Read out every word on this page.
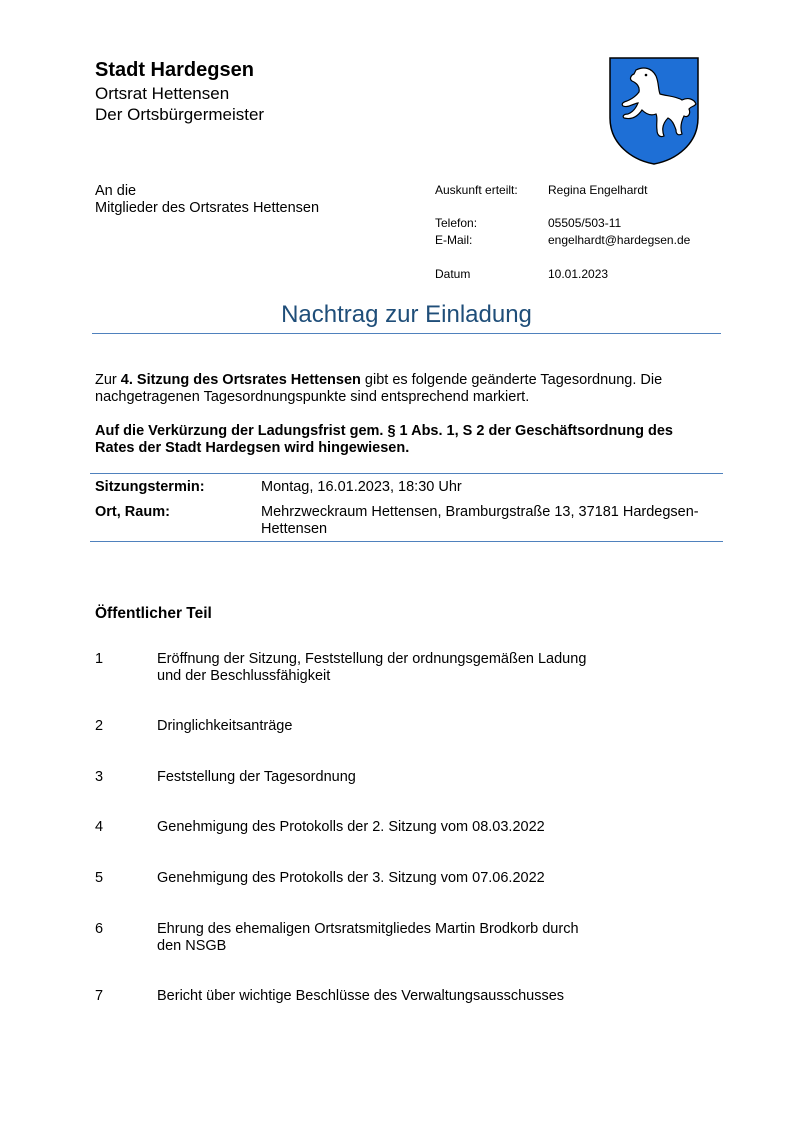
Stadt Hardegsen
Ortsrat Hettensen
Der Ortsbürgermeister
An die
Mitglieder des Ortsrates Hettensen
Auskunft erteilt:	Regina Engelhardt
Telefon:	05505/503-11
E-Mail:	engelhardt@hardegsen.de
Datum	10.01.2023
Nachtrag zur Einladung
Zur 4. Sitzung des Ortsrates Hettensen gibt es folgende geänderte Tagesordnung. Die nachgetragenen Tagesordnungspunkte sind entsprechend markiert.
Auf die Verkürzung der Ladungsfrist gem. § 1 Abs. 1, S 2 der Geschäftsordnung des Rates der Stadt Hardegsen wird hingewiesen.
Sitzungstermin:	Montag, 16.01.2023, 18:30 Uhr
Ort, Raum:	Mehrzweckraum Hettensen, Bramburgstraße 13, 37181 Hardegsen-Hettensen
Öffentlicher Teil
1	Eröffnung der Sitzung, Feststellung der ordnungsgemäßen Ladung und der Beschlussfähigkeit
2	Dringlichkeitsanträge
3	Feststellung der Tagesordnung
4	Genehmigung des Protokolls der 2. Sitzung vom 08.03.2022
5	Genehmigung des Protokolls der 3. Sitzung vom 07.06.2022
6	Ehrung des ehemaligen Ortsratsmitgliedes Martin Brodkorb durch den NSGB
7	Bericht über wichtige Beschlüsse des Verwaltungsausschusses
